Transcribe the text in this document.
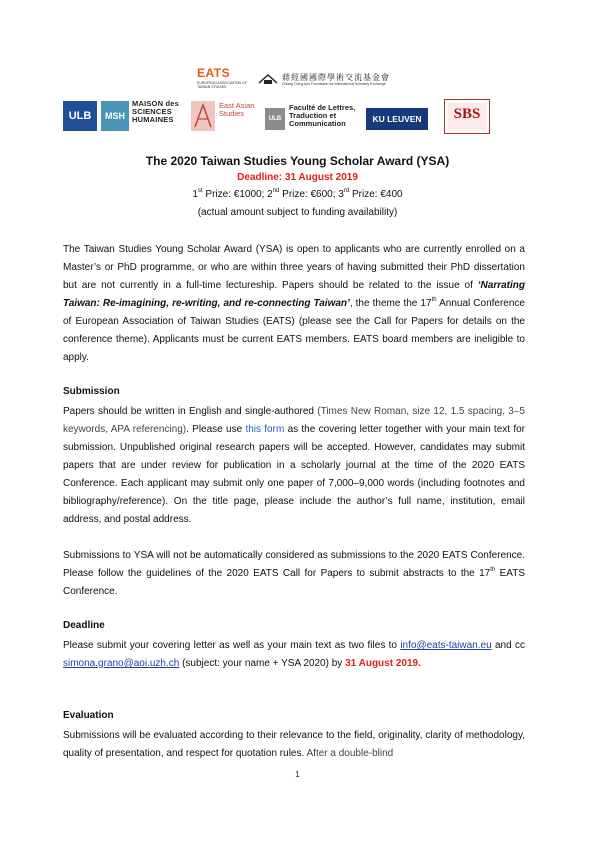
EATS
EUROPEAN ASSOCIATION OF TAIWAN STUDIES
蔣經國國際學術交流基金會
Chiang Ching-kuo Foundation for International Scholarly Exchange
ULB	MSH
MAISON des SCIENCES HUMAINES
East Asian Studies
ULB
Faculté de Lettres, Traduction et Communication	KU LEUVEN	SBS
The 2020 Taiwan Studies Young Scholar Award (YSA)
Deadline: 31 August 2019
1st Prize: €1000; 2nd Prize: €600; 3rd Prize: €400
(actual amount subject to funding availability)
The Taiwan Studies Young Scholar Award (YSA) is open to applicants who are currently enrolled on a Master’s or PhD programme, or who are within three years of having submitted their PhD dissertation but are not currently in a full-time lectureship. Papers should be related to the issue of ‘Narrating Taiwan: Re-imagining, re-writing, and re-connecting Taiwan’, the theme the 17th Annual Conference of European Association of Taiwan Studies (EATS) (please see the Call for Papers for details on the conference theme). Applicants must be current EATS members. EATS board members are ineligible to apply.
Submission
Papers should be written in English and single-authored (Times New Roman, size 12, 1.5 spacing, 3–5 keywords, APA referencing). Please use this form as the covering letter together with your main text for submission. Unpublished original research papers will be accepted. However, candidates may submit papers that are under review for publication in a scholarly journal at the time of the 2020 EATS Conference. Each applicant may submit only one paper of 7,000–9,000 words (including footnotes and bibliography/reference). On the title page, please include the author’s full name, institution, email address, and postal address.
Submissions to YSA will not be automatically considered as submissions to the 2020 EATS Conference. Please follow the guidelines of the 2020 EATS Call for Papers to submit abstracts to the 17th EATS Conference.
Deadline
Please submit your covering letter as well as your main text as two files to info@eats-taiwan.eu and cc simona.grano@aoi.uzh.ch (subject: your name + YSA 2020) by 31 August 2019.
Evaluation
Submissions will be evaluated according to their relevance to the field, originality, clarity of methodology, quality of presentation, and respect for quotation rules. After a double-blind
1
